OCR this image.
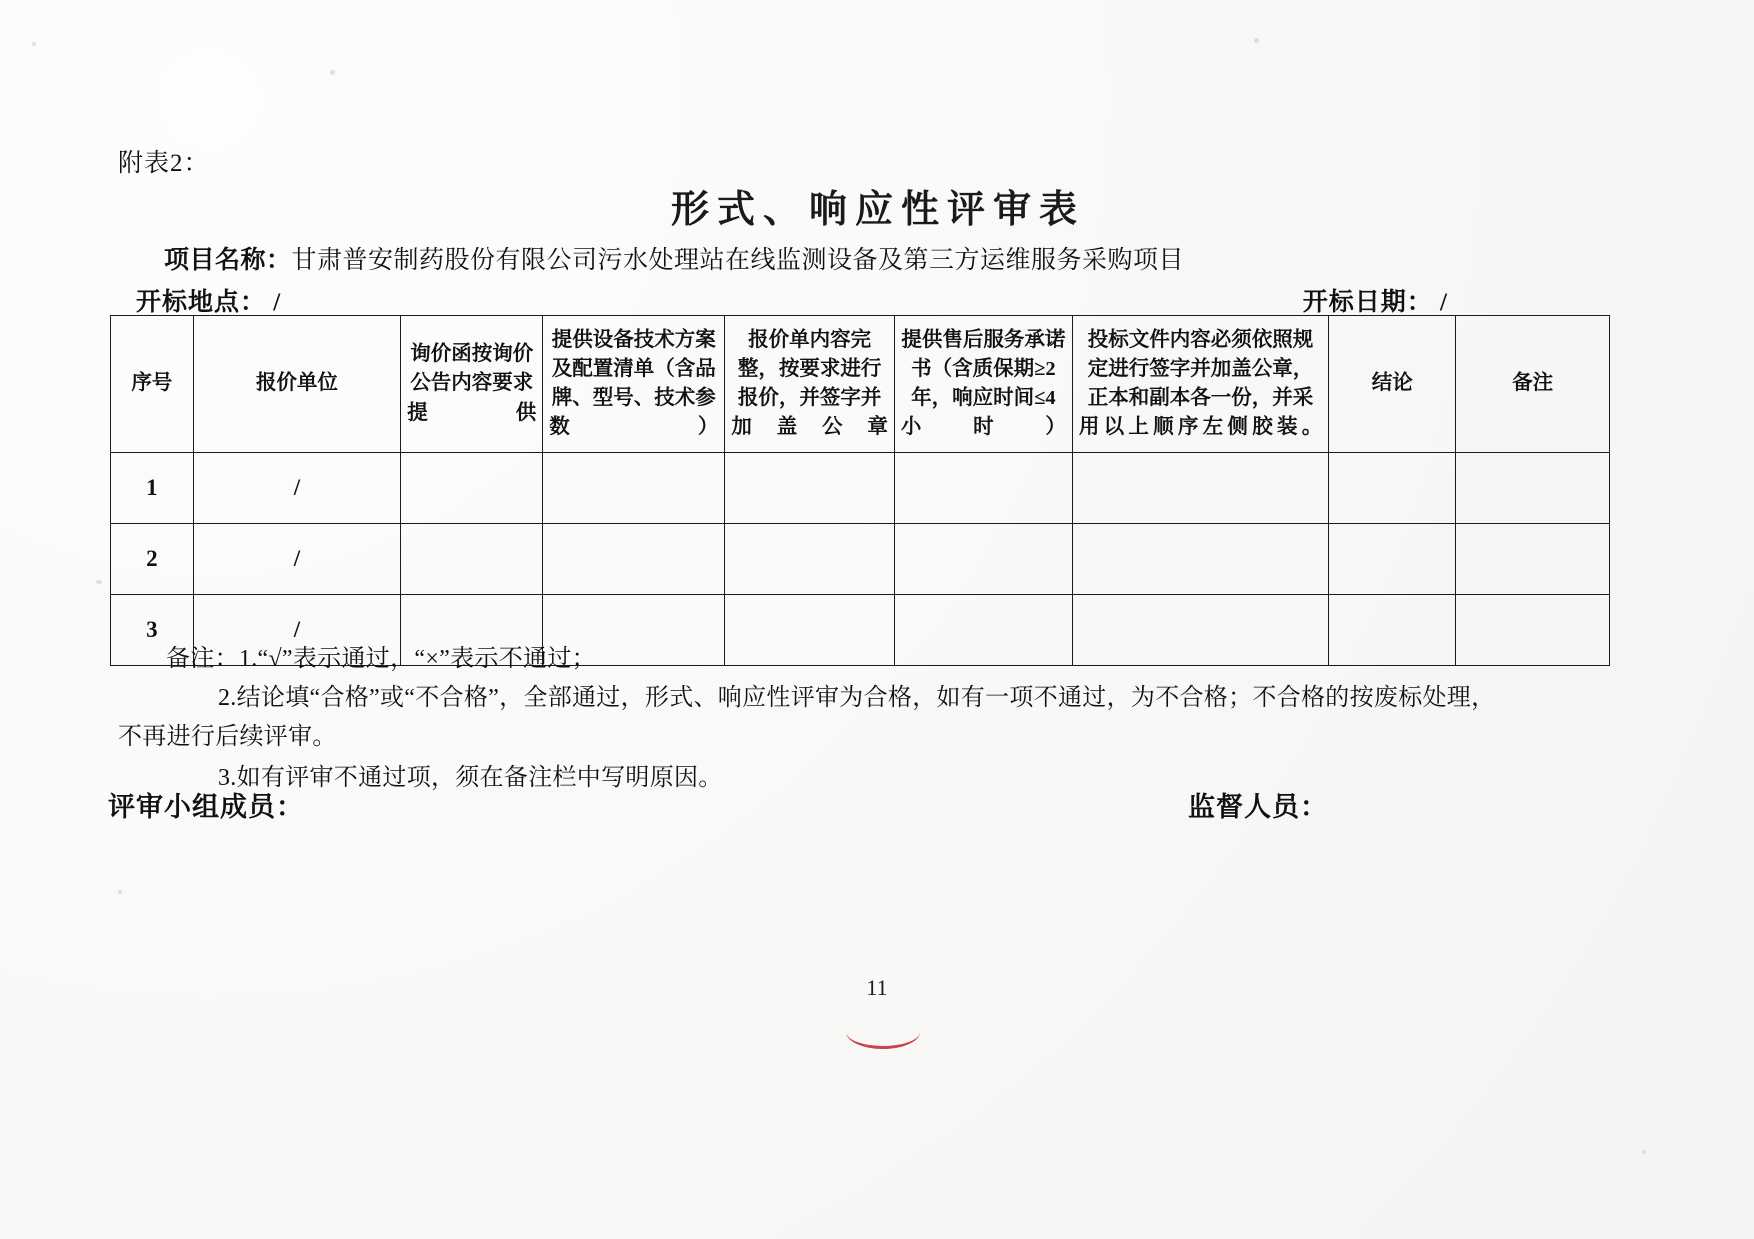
附表2：
形式、响应性评审表
项目名称：甘肃普安制药股份有限公司污水处理站在线监测设备及第三方运维服务采购项目
开标地点： /	开标日期： /
序号	报价单位	询价函按询价公告内容要求提供	提供设备技术方案及配置清单（含品牌、型号、技术参数）	报价单内容完整，按要求进行报价，并签字并加盖公章	提供售后服务承诺书（含质保期≥2年，响应时间≤4小时）	投标文件内容必须依照规定进行签字并加盖公章，正本和副本各一份，并采用以上顺序左侧胶装。	结论	备注
1	/							
2	/							
3	/							
备注：1.“√”表示通过，“×”表示不通过；
2.结论填“合格”或“不合格”，全部通过，形式、响应性评审为合格，如有一项不通过，为不合格；不合格的按废标处理，
不再进行后续评审。
3.如有评审不通过项，须在备注栏中写明原因。
评审小组成员：	监督人员：
11
